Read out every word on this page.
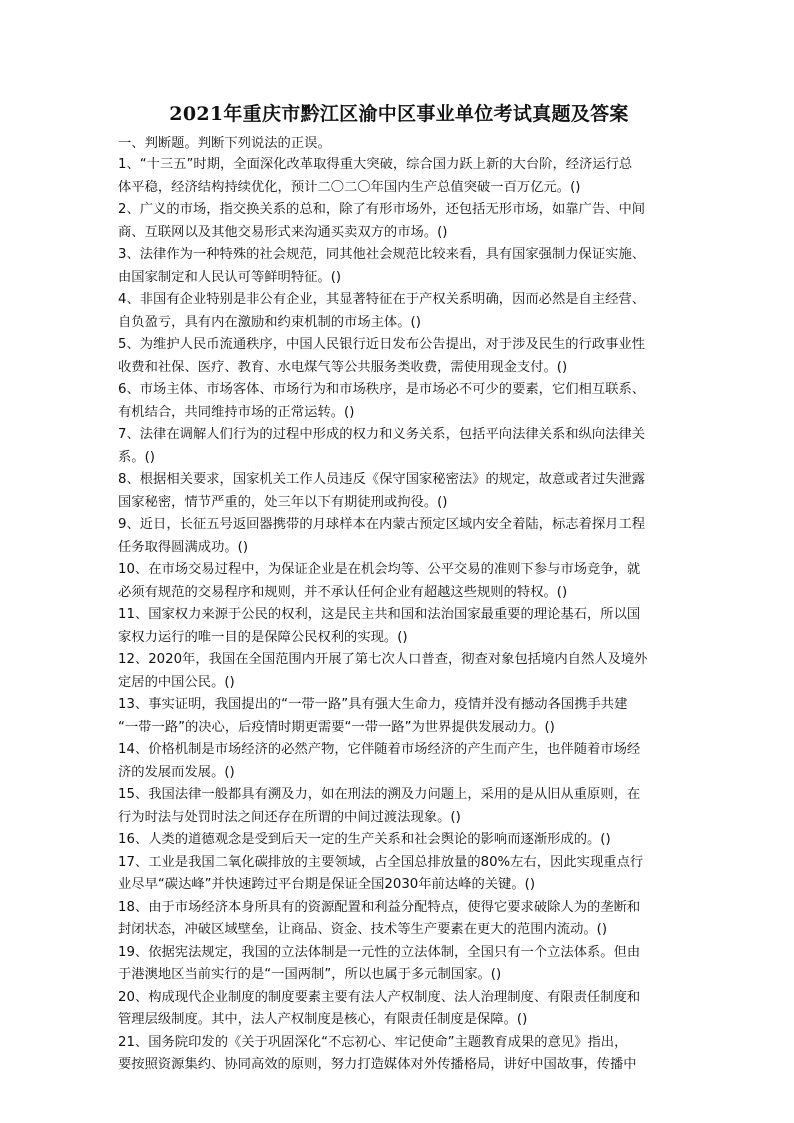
2021年重庆市黔江区渝中区事业单位考试真题及答案

一、判断题。判断下列说法的正误。

1、“十三五”时期，全面深化改革取得重大突破，综合国力跃上新的大台阶，经济运行总
体平稳，经济结构持续优化，预计二〇二〇年国内生产总值突破一百万亿元。()

2、广义的市场，指交换关系的总和，除了有形市场外，还包括无形市场，如靠广告、中间
商、互联网以及其他交易形式来沟通买卖双方的市场。()

3、法律作为一种特殊的社会规范，同其他社会规范比较来看，具有国家强制力保证实施、
由国家制定和人民认可等鲜明特征。()

4、非国有企业特别是非公有企业，其显著特征在于产权关系明确，因而必然是自主经营、
自负盈亏，具有内在激励和约束机制的市场主体。()

5、为维护人民币流通秩序，中国人民银行近日发布公告提出，对于涉及民生的行政事业性
收费和社保、医疗、教育、水电煤气等公共服务类收费，需使用现金支付。()

6、市场主体、市场客体、市场行为和市场秩序，是市场必不可少的要素，它们相互联系、
有机结合，共同维持市场的正常运转。()

7、法律在调解人们行为的过程中形成的权力和义务关系，包括平向法律关系和纵向法律关
系。()

8、根据相关要求，国家机关工作人员违反《保守国家秘密法》的规定，故意或者过失泄露
国家秘密，情节严重的，处三年以下有期徒刑或拘役。()

9、近日，长征五号返回器携带的月球样本在内蒙古预定区域内安全着陆，标志着探月工程
任务取得圆满成功。()

10、在市场交易过程中，为保证企业是在机会均等、公平交易的准则下参与市场竞争，就
必须有规范的交易程序和规则，并不承认任何企业有超越这些规则的特权。()

11、国家权力来源于公民的权利，这是民主共和国和法治国家最重要的理论基石，所以国
家权力运行的唯一目的是保障公民权利的实现。()

12、2020年，我国在全国范围内开展了第七次人口普查，彻查对象包括境内自然人及境外
定居的中国公民。()

13、事实证明，我国提出的“一带一路”具有强大生命力，疫情并没有撼动各国携手共建
“一带一路”的决心，后疫情时期更需要“一带一路”为世界提供发展动力。()

14、价格机制是市场经济的必然产物，它伴随着市场经济的产生而产生，也伴随着市场经
济的发展而发展。()

15、我国法律一般都具有溯及力，如在刑法的溯及力问题上，采用的是从旧从重原则，在
行为时法与处罚时法之间还存在所谓的中间过渡法现象。()

16、人类的道德观念是受到后天一定的生产关系和社会舆论的影响而逐渐形成的。()

17、工业是我国二氧化碳排放的主要领域，占全国总排放量的80%左右，因此实现重点行
业尽早“碳达峰”并快速跨过平台期是保证全国2030年前达峰的关键。()

18、由于市场经济本身所具有的资源配置和利益分配特点，使得它要求破除人为的垄断和
封闭状态，冲破区域壁垒，让商品、资金、技术等生产要素在更大的范围内流动。()

19、依据宪法规定，我国的立法体制是一元性的立法体制，全国只有一个立法体系。但由
于港澳地区当前实行的是“一国两制”，所以也属于多元制国家。()

20、构成现代企业制度的制度要素主要有法人产权制度、法人治理制度、有限责任制度和
管理层级制度。其中，法人产权制度是核心，有限责任制度是保障。()

21、国务院印发的《关于巩固深化“不忘初心、牢记使命”主题教育成果的意见》指出，
要按照资源集约、协同高效的原则，努力打造媒体对外传播格局，讲好中国故事，传播中
